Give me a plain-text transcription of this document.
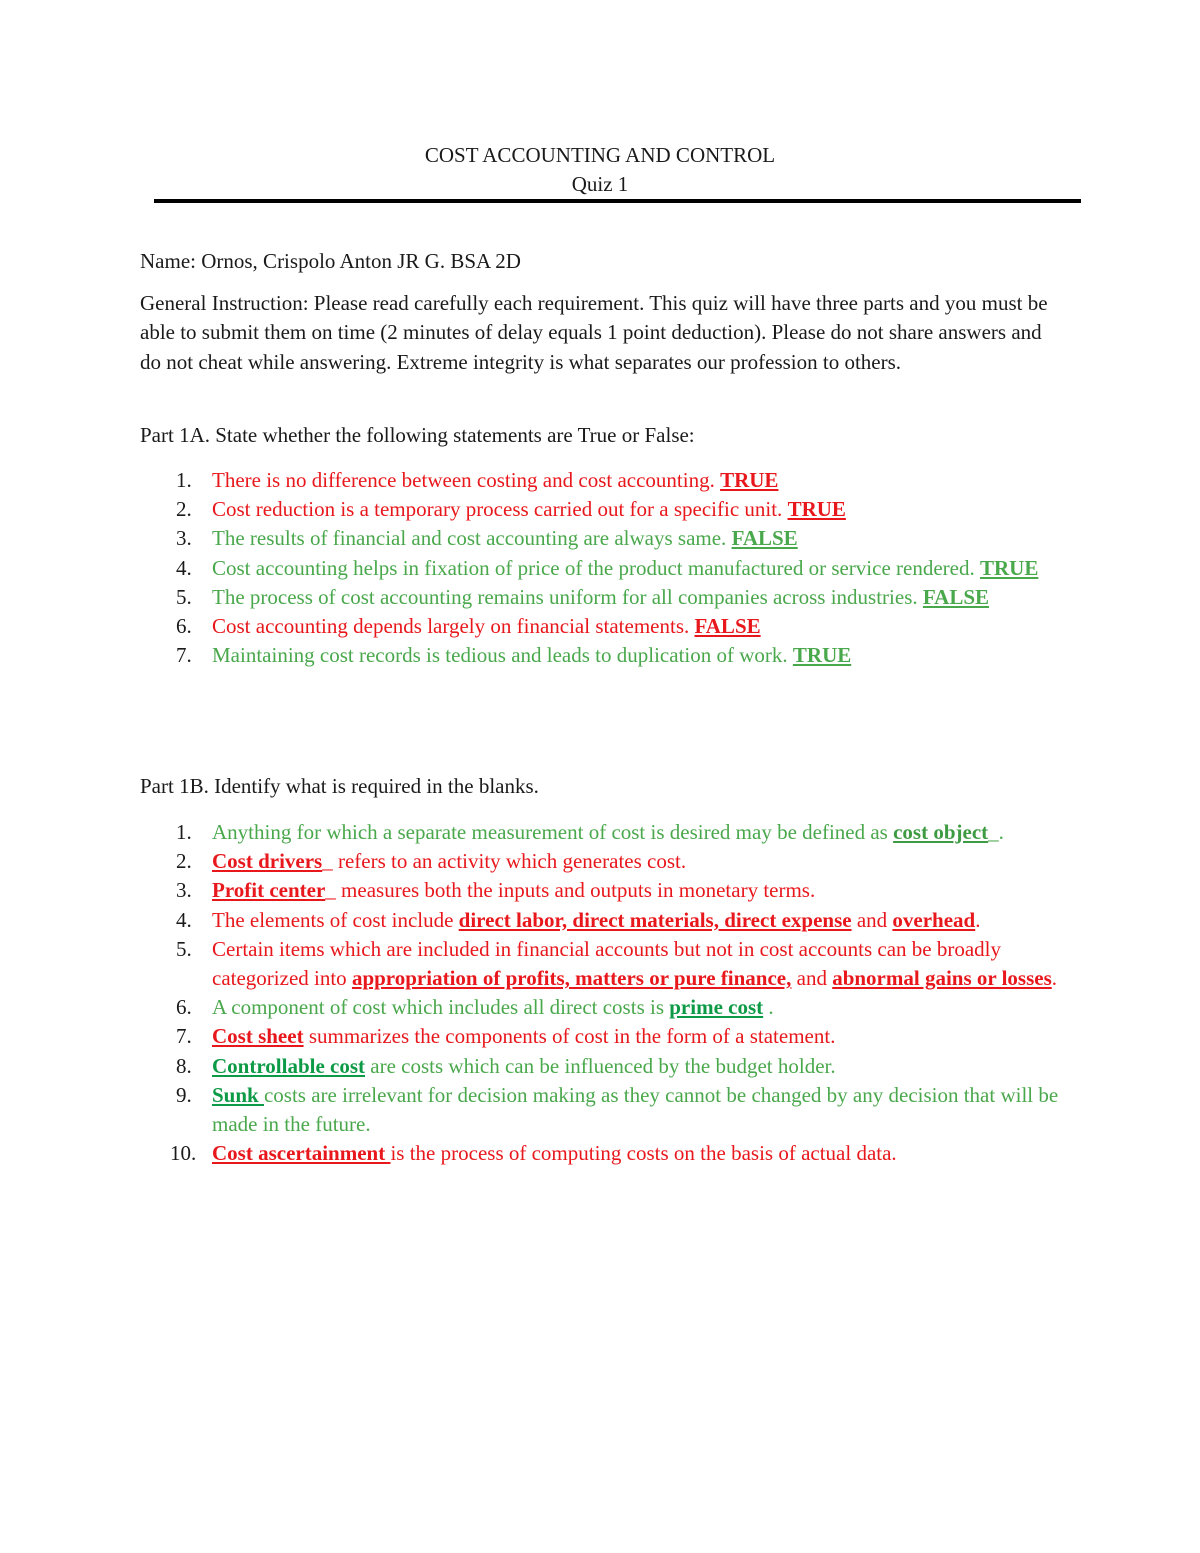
COST ACCOUNTING AND CONTROL
Quiz 1
Name: Ornos, Crispolo Anton JR G. BSA 2D
General Instruction: Please read carefully each requirement. This quiz will have three parts and you must be able to submit them on time (2 minutes of delay equals 1 point deduction). Please do not share answers and do not cheat while answering. Extreme integrity is what separates our profession to others.
Part 1A. State whether the following statements are True or False:
1. There is no difference between costing and cost accounting. TRUE
2. Cost reduction is a temporary process carried out for a specific unit. TRUE
3. The results of financial and cost accounting are always same. FALSE
4. Cost accounting helps in fixation of price of the product manufactured or service rendered. TRUE
5. The process of cost accounting remains uniform for all companies across industries. FALSE
6. Cost accounting depends largely on financial statements. FALSE
7. Maintaining cost records is tedious and leads to duplication of work. TRUE
Part 1B. Identify what is required in the blanks.
1. Anything for which a separate measurement of cost is desired may be defined as cost object_.
2. Cost drivers_ refers to an activity which generates cost.
3. Profit center_ measures both the inputs and outputs in monetary terms.
4. The elements of cost include direct labor, direct materials, direct expense and overhead.
5. Certain items which are included in financial accounts but not in cost accounts can be broadly categorized into appropriation of profits, matters or pure finance, and abnormal gains or losses.
6. A component of cost which includes all direct costs is prime cost .
7. Cost sheet summarizes the components of cost in the form of a statement.
8. Controllable cost are costs which can be influenced by the budget holder.
9. Sunk costs are irrelevant for decision making as they cannot be changed by any decision that will be made in the future.
10. Cost ascertainment is the process of computing costs on the basis of actual data.
